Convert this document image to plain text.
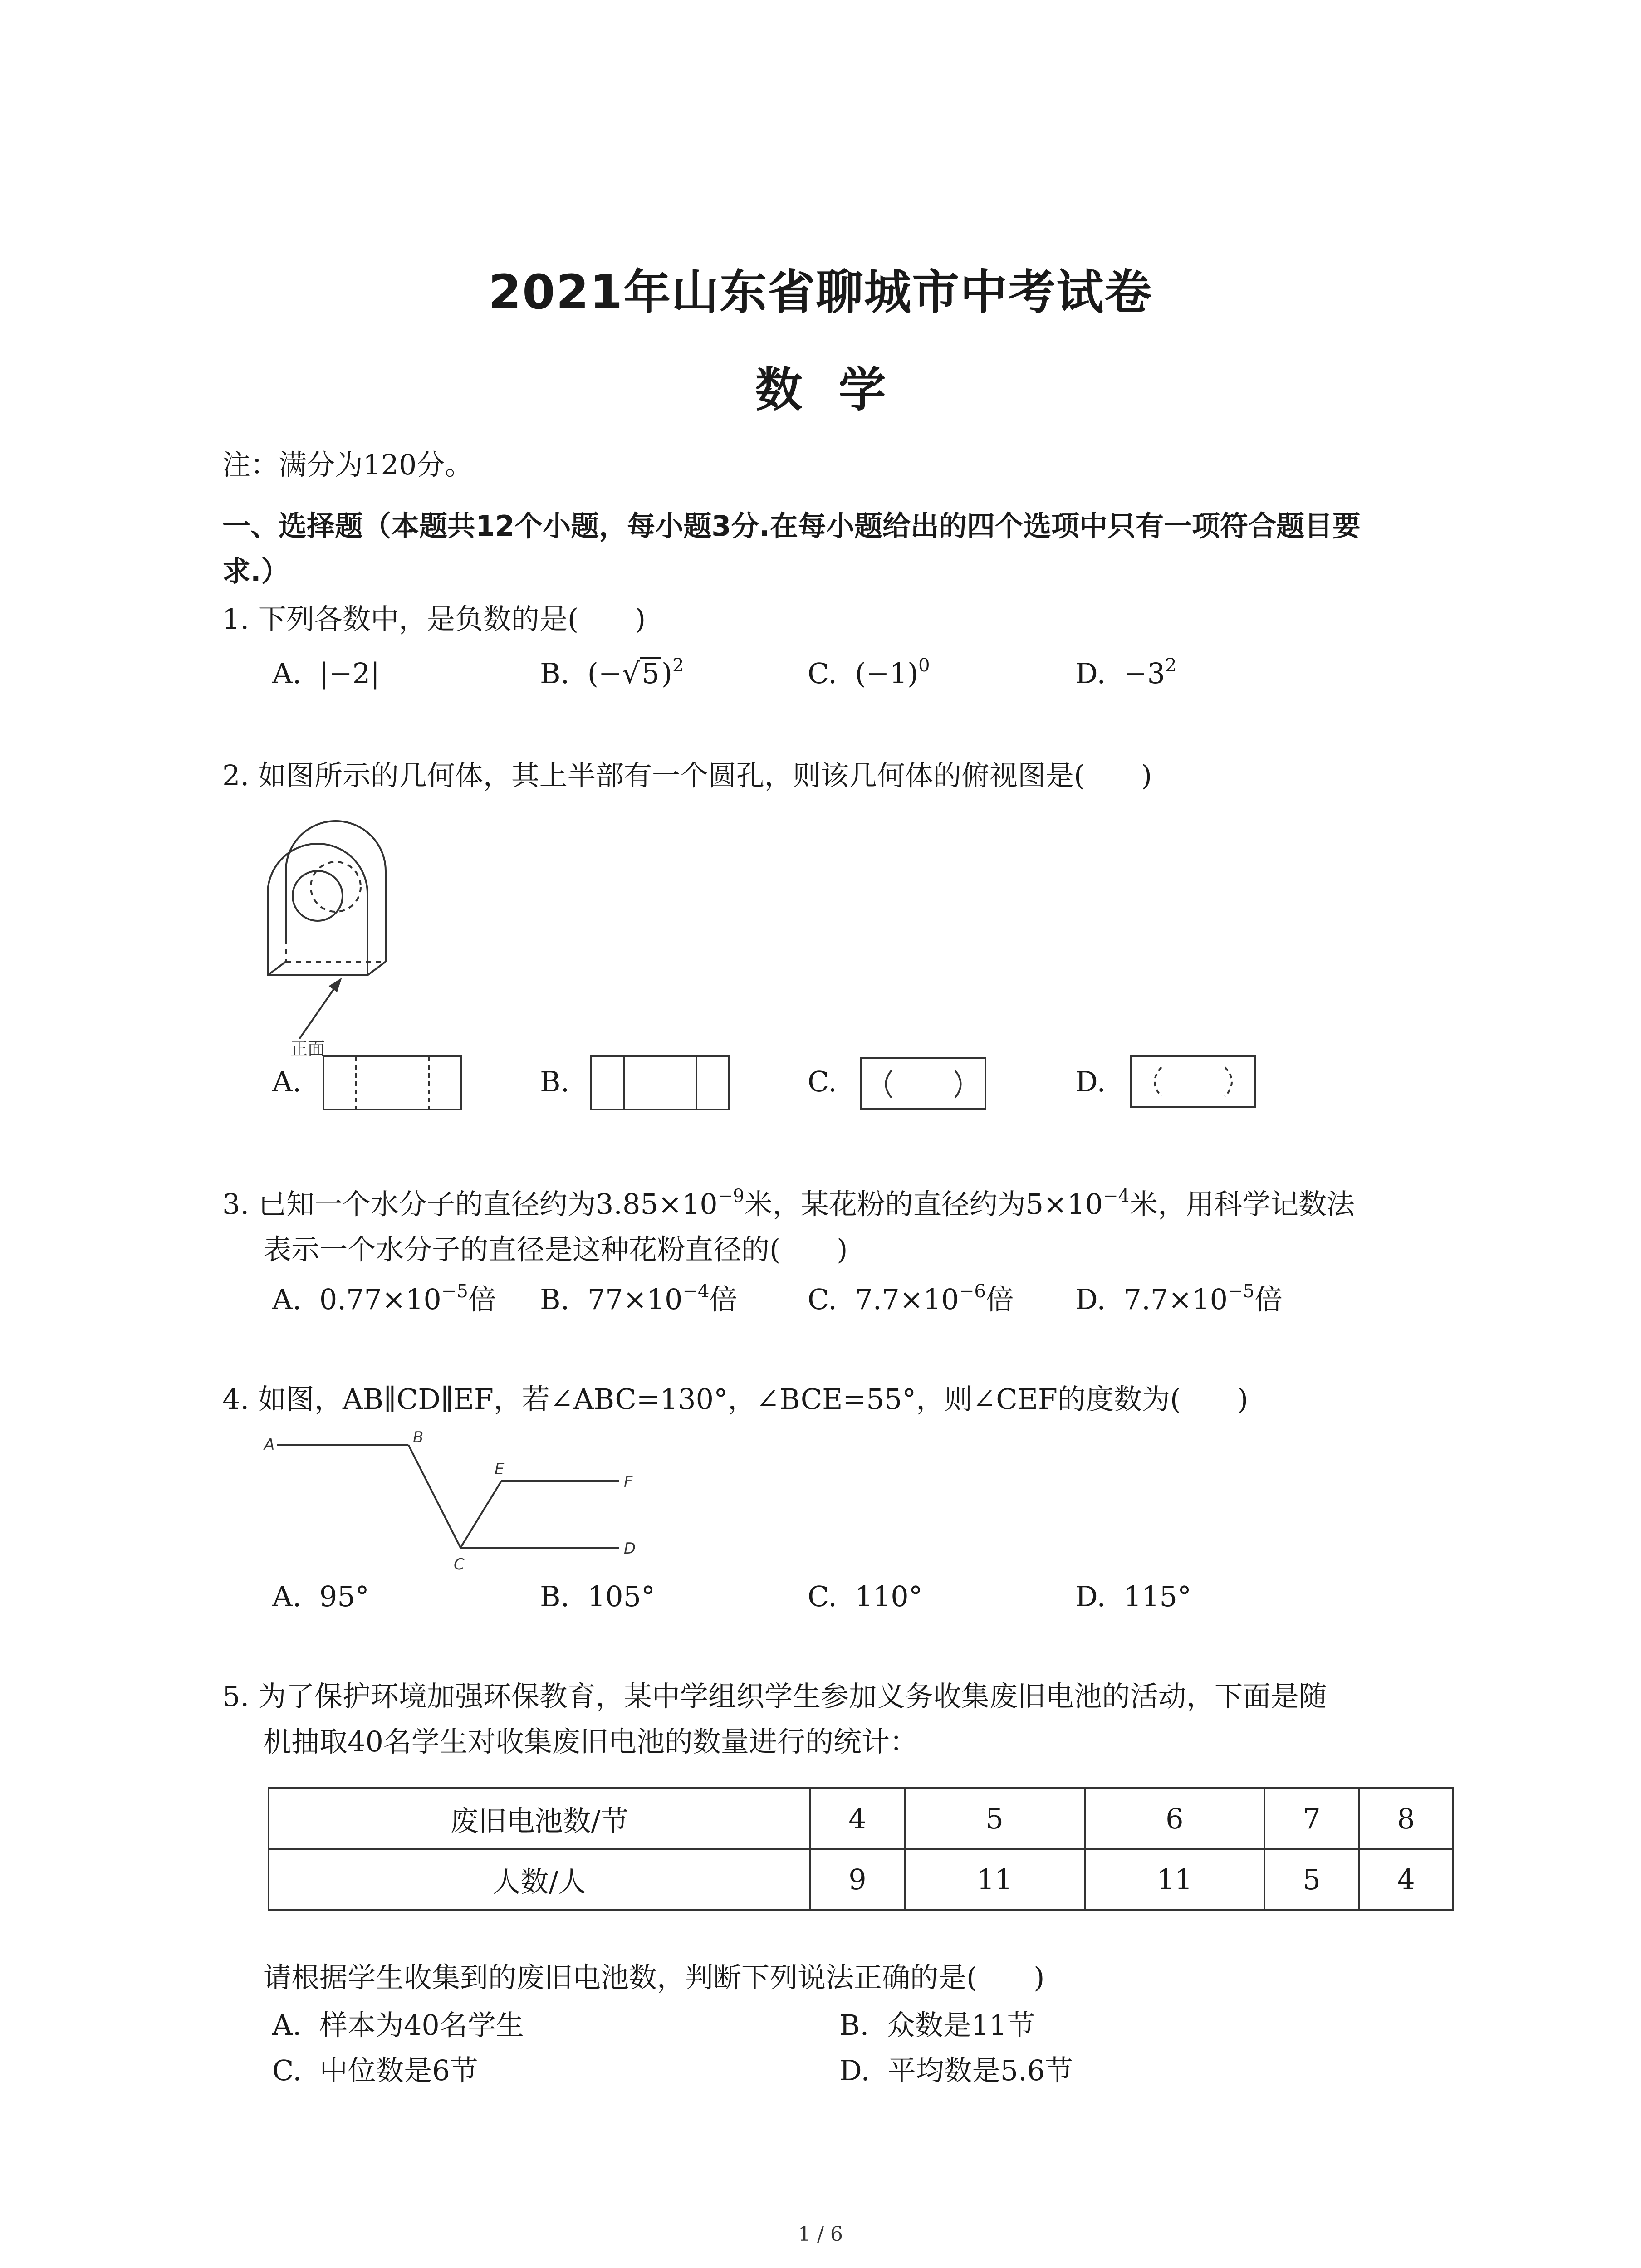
2021年山东省聊城市中考试卷
数学
注：满分为120分。
一、选择题（本题共12个小题，每小题3分.在每小题给出的四个选项中只有一项符合题目要
求.）
1. 下列各数中，是负数的是(　　)
A. |−2|	B. $(-√5)^2$	C. $(-1)^0$	D. $-3^2$
2. 如图所示的几何体，其上半部有一个圆孔，则该几何体的俯视图是(　　)
正面
A.	B.	C.	D.
3. 已知一个水分子的直径约为$3.85\times 10^{-9}$米，某花粉的直径约为$5\times 10^{-4}$米，用科学记数法
表示一个水分子的直径是这种花粉直径的(　　)
A. $0.77\times 10^{-5}$倍 B. $77\times 10^{-4}$倍 C. $7.7\times 10^{-6}$倍 D. $7.7\times 10^{-5}$倍
4. 如图，AB∥CD∥EF，若∠ABC=130°，∠BCE=55°，则∠CEF的度数为(　　)
A	B
C
D
E
F
A. 95°	B. 105°	C. 110°	D. 115°
5. 为了保护环境加强环保教育，某中学组织学生参加义务收集废旧电池的活动，下面是随
机抽取40名学生对收集废旧电池的数量进行的统计：
废旧电池数/节	4	5	6	7	8
人数/人	9	11	11	5	4
请根据学生收集到的废旧电池数，判断下列说法正确的是(　　)
A. 样本为40名学生	B. 众数是11节
C. 中位数是6节	D. 平均数是5.6节
1 / 6
